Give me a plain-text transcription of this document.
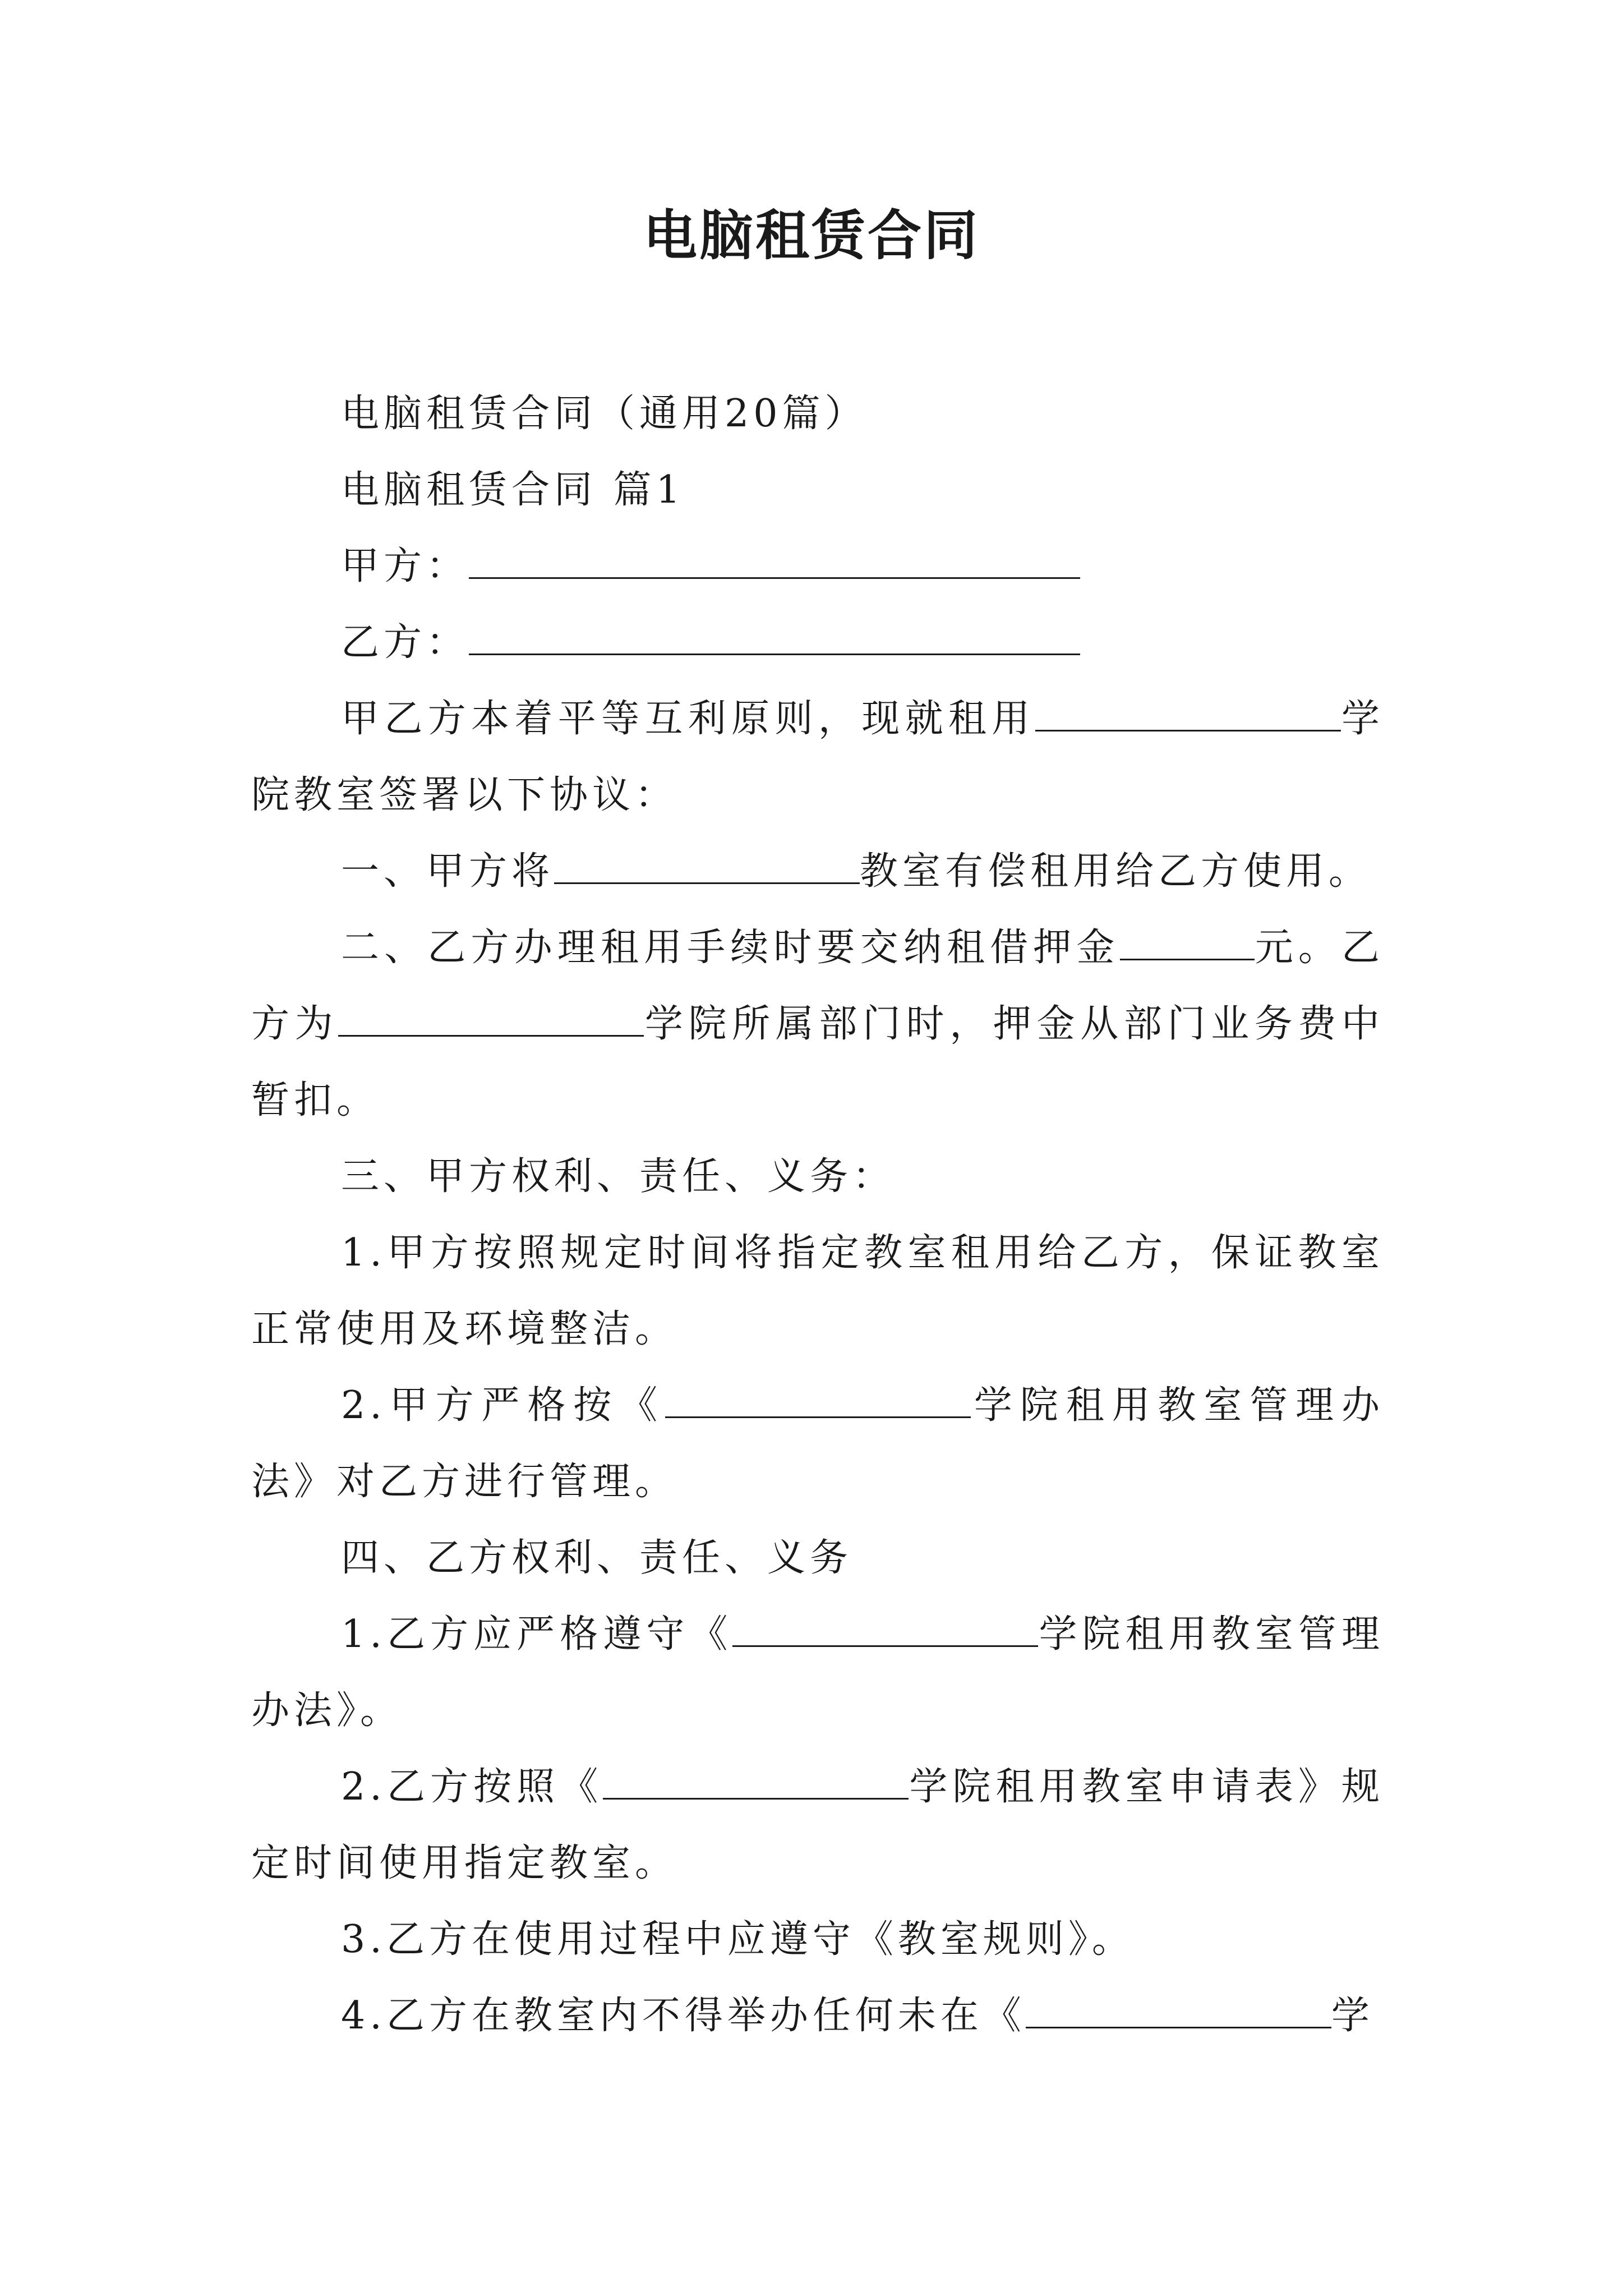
电脑租赁合同

电脑租赁合同（通用20篇）

电脑租赁合同 篇1

甲方：

乙方：

甲乙方本着平等互利原则，现就租用	学院教室签署以下协议：

一、甲方将	教室有偿租用给乙方使用。

二、乙方办理租用手续时要交纳租借押金	元。乙方为	学院所属部门时，押金从部门业务费中暂扣。

三、甲方权利、责任、义务：

1.甲方按照规定时间将指定教室租用给乙方，保证教室正常使用及环境整洁。

2.甲方严格按《	学院租用教室管理办法》对乙方进行管理。

四、乙方权利、责任、义务

1.乙方应严格遵守《	学院租用教室管理办法》。

2.乙方按照《	学院租用教室申请表》规定时间使用指定教室。

3.乙方在使用过程中应遵守《教室规则》。

4.乙方在教室内不得举办任何未在《	学
